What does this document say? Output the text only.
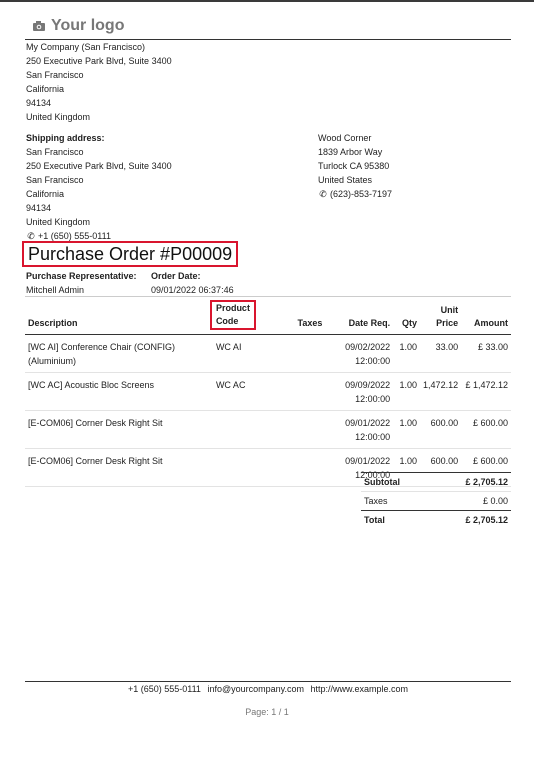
Your logo
My Company (San Francisco)
250 Executive Park Blvd, Suite 3400
San Francisco
California
94134
United Kingdom
Shipping address:
San Francisco
250 Executive Park Blvd, Suite 3400
San Francisco
California
94134
United Kingdom
✆ +1 (650) 555-0111
Wood Corner
1839 Arbor Way
Turlock CA 95380
United States
✆ (623)-853-7197
Purchase Order #P00009
Purchase Representative:
Mitchell Admin
Order Date:
09/01/2022 06:37:46
Description	Product
Code	Taxes	Date Req.	Qty	Unit
Price	Amount
[WC AI] Conference Chair (CONFIG)
(Aluminium)	WC AI		09/02/2022
12:00:00	1.00	33.00	£ 33.00
[WC AC] Acoustic Bloc Screens	WC AC		09/09/2022
12:00:00	1.00	1,472.12	£ 1,472.12
[E-COM06] Corner Desk Right Sit			09/01/2022
12:00:00	1.00	600.00	£ 600.00
[E-COM06] Corner Desk Right Sit			09/01/2022
12:00:00	1.00	600.00	£ 600.00
Subtotal	£ 2,705.12
Taxes	£ 0.00
Total	£ 2,705.12
+1 (650) 555-0111 info@yourcompany.com http://www.example.com
Page: 1 / 1
